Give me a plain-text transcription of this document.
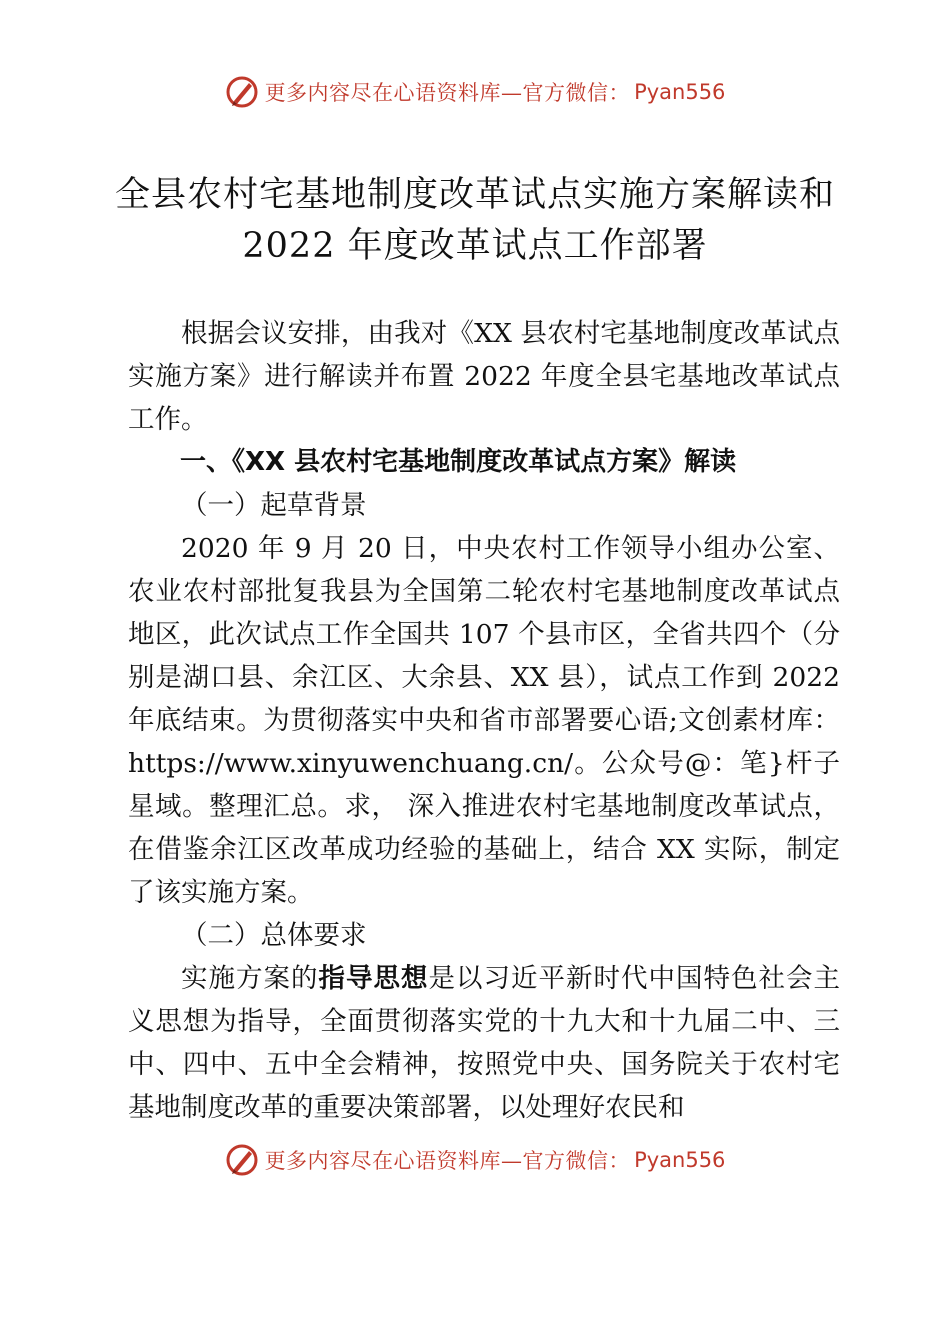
更多内容尽在心语资料库—官方微信： Pyan556
全县农村宅基地制度改革试点实施方案解读和
2022 年度改革试点工作部署

根据会议安排，由我对《XX 县农村宅基地制度改革试点实施方案》进行解读并布置 2022 年度全县宅基地改革试点工作。

一、《XX 县农村宅基地制度改革试点方案》解读

（一）起草背景

2020 年 9 月 20 日，中央农村工作领导小组办公室、农业农村部批复我县为全国第二轮农村宅基地制度改革试点地区，此次试点工作全国共 107 个县市区，全省共四个（分别是湖口县、余江区、大余县、XX 县），试点工作到 2022 年底结束。为贯彻落实中央和省市部署要心语;文创素材库：https://www.xinyuwenchuang.cn/。公众号@：笔}杆子星域。整理汇总。求， 深入推进农村宅基地制度改革试点，在借鉴余江区改革成功经验的基础上，结合 XX 实际，制定了该实施方案。

（二）总体要求

实施方案的指导思想是以习近平新时代中国特色社会主义思想为指导，全面贯彻落实党的十九大和十九届二中、三中、四中、五中全会精神，按照党中央、国务院关于农村宅基地制度改革的重要决策部署，以处理好农民和

更多内容尽在心语资料库—官方微信： Pyan556
